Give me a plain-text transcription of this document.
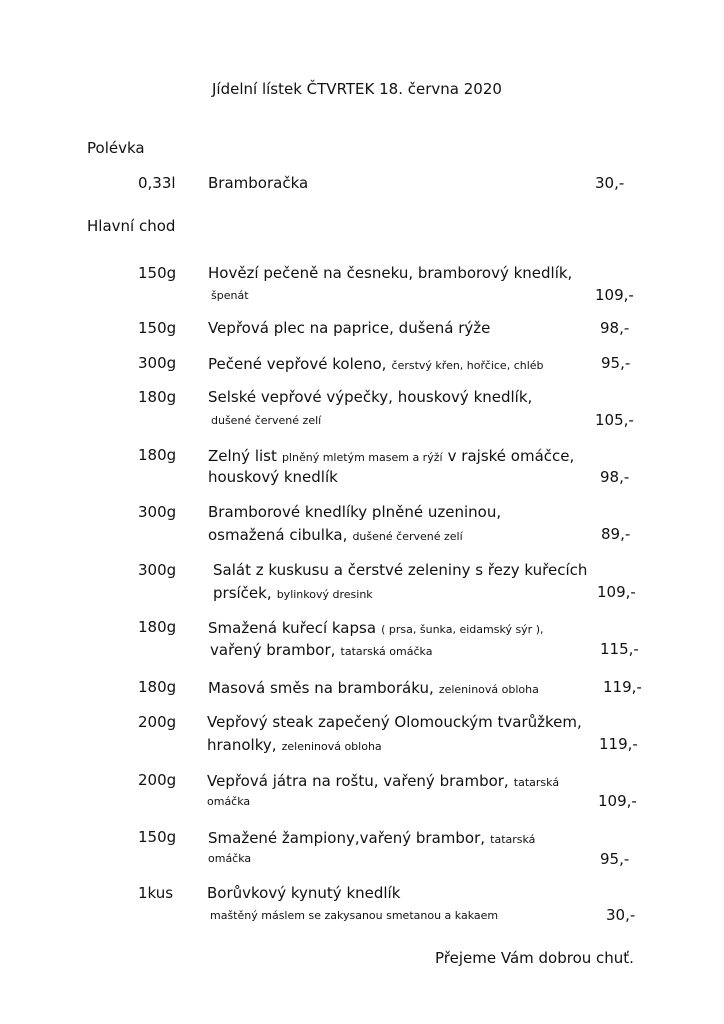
Jídelní lístek ČTVRTEK 18. června 2020
Polévka
0,33l Bramboračka	30,-
Hlavní chod
150g Hovězí pečeně na česneku, bramborový knedlík,
špenát	109,-
150g Vepřová plec na paprice, dušená rýže	98,-
300g Pečené vepřové koleno, čerstvý křen, hořčice, chléb	95,-
180g Selské vepřové výpečky, houskový knedlík,
dušené červené zelí	105,-
180g Zelný list plněný mletým masem a rýží v rajské omáčce,
houskový knedlík	98,-
300g Bramborové knedlíky plněné uzeninou,
osmažená cibulka, dušené červené zelí	89,-
300g Salát z kuskusu a čerstvé zeleniny s řezy kuřecích
prsíček, bylinkový dresink	109,-
180g Smažená kuřecí kapsa ( prsa, šunka, eidamský sýr ),
vařený brambor, tatarská omáčka	115,-
180g Masová směs na bramboráku, zeleninová obloha	119,-
200g Vepřový steak zapečený Olomouckým tvarůžkem,
hranolky, zeleninová obloha	119,-
200g Vepřová játra na roštu, vařený brambor, tatarská
omáčka	109,-
150g Smažené žampiony,vařený brambor, tatarská
omáčka	95,-
1kus Borůvkový kynutý knedlík
maštěný máslem se zakysanou smetanou a kakaem	30,-
Přejeme Vám dobrou chuť.
